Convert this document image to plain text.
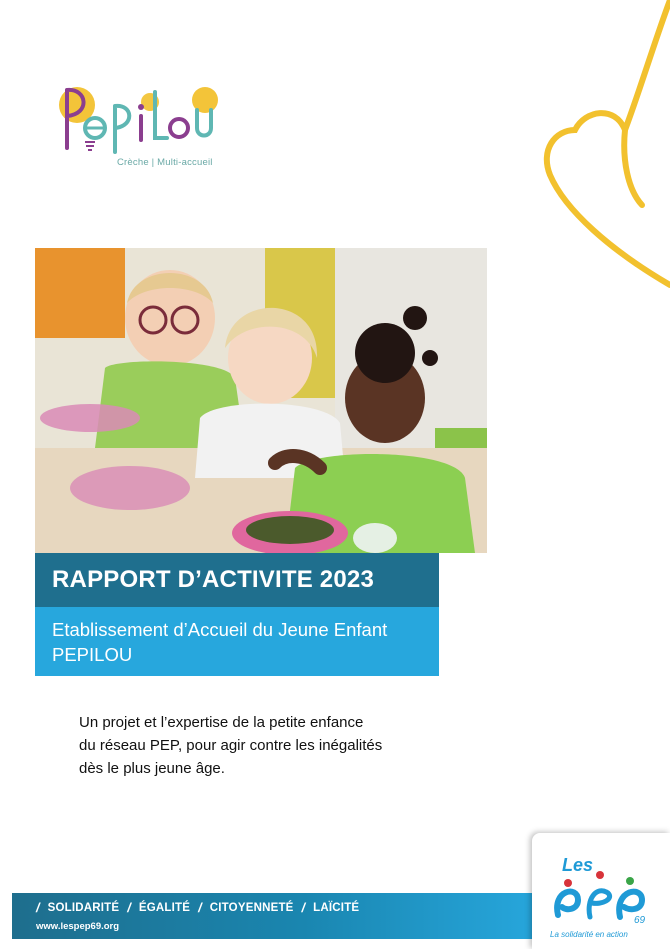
Crèche | Multi-accueil
RAPPORT D’ACTIVITE 2023
Etablissement d’Accueil du Jeune Enfant
PEPILOU
Un projet et l’expertise de la petite enfance
du réseau PEP, pour agir contre les inégalités
dès le plus jeune âge.
/ SOLIDARITÉ / ÉGALITÉ / CITOYENNETÉ / LAÏCITÉ
www.lespep69.org
Les
69
La solidarité en action
